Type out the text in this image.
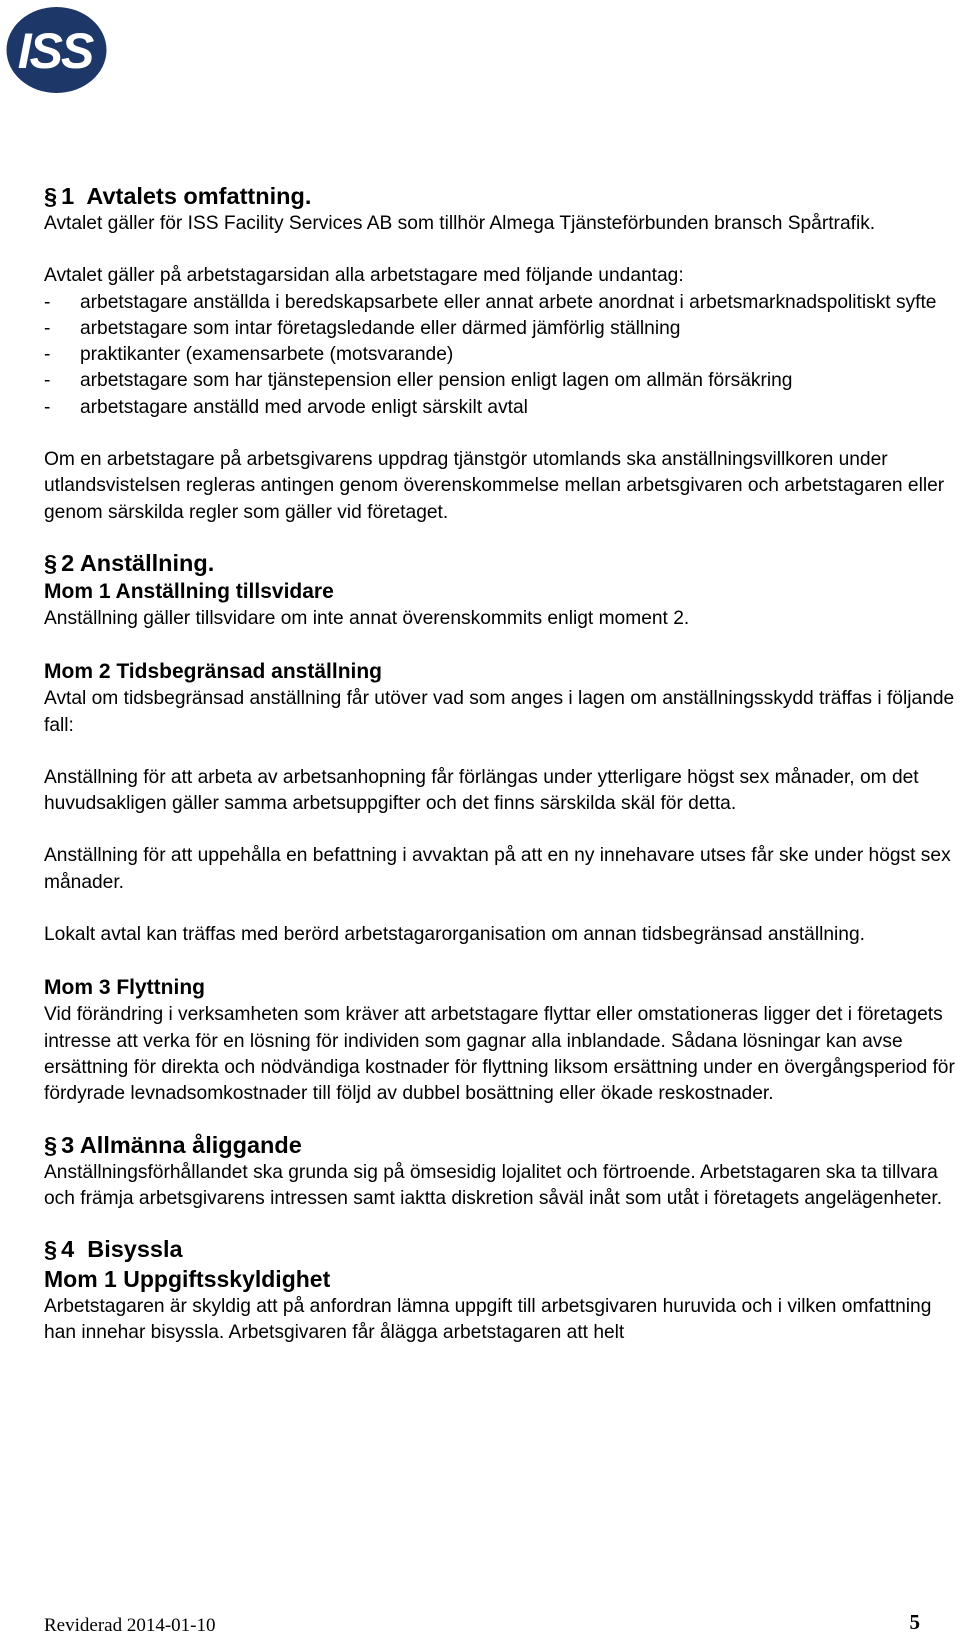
ISS
§ 1 Avtalets omfattning.

Avtalet gäller för ISS Facility Services AB som tillhör Almega Tjänsteförbunden bransch Spårtrafik.

Avtalet gäller på arbetstagarsidan alla arbetstagare med följande undantag:

- arbetstagare anställda i beredskapsarbete eller annat arbete anordnat i arbetsmarknadspolitiskt syfte
- arbetstagare som intar företagsledande eller därmed jämförlig ställning
- praktikanter (examensarbete (motsvarande)
- arbetstagare som har tjänstepension eller pension enligt lagen om allmän försäkring
- arbetstagare anställd med arvode enligt särskilt avtal

Om en arbetstagare på arbetsgivarens uppdrag tjänstgör utomlands ska anställningsvillkoren under utlandsvistelsen regleras antingen genom överenskommelse mellan arbetsgivaren och arbetstagaren eller genom särskilda regler som gäller vid företaget.

§ 2 Anställning.
Mom 1 Anställning tillsvidare

Anställning gäller tillsvidare om inte annat överenskommits enligt moment 2.

Mom 2 Tidsbegränsad anställning

Avtal om tidsbegränsad anställning får utöver vad som anges i lagen om anställningsskydd träffas i följande fall:

Anställning för att arbeta av arbetsanhopning får förlängas under ytterligare högst sex månader, om det huvudsakligen gäller samma arbetsuppgifter och det finns särskilda skäl för detta.

Anställning för att uppehålla en befattning i avvaktan på att en ny innehavare utses får ske under högst sex månader.

Lokalt avtal kan träffas med berörd arbetstagarorganisation om annan tidsbegränsad anställning.

Mom 3 Flyttning

Vid förändring i verksamheten som kräver att arbetstagare flyttar eller omstationeras ligger det i företagets intresse att verka för en lösning för individen som gagnar alla inblandade. Sådana lösningar kan avse ersättning för direkta och nödvändiga kostnader för flyttning liksom ersättning under en övergångsperiod för fördyrade levnadsomkostnader till följd av dubbel bosättning eller ökade reskostnader.

§ 3 Allmänna åliggande

Anställningsförhållandet ska grunda sig på ömsesidig lojalitet och förtroende. Arbetstagaren ska ta tillvara och främja arbetsgivarens intressen samt iaktta diskretion såväl inåt som utåt i företagets angelägenheter.

§ 4 Bisyssla
Mom 1 Uppgiftsskyldighet

Arbetstagaren är skyldig att på anfordran lämna uppgift till arbetsgivaren huruvida och i vilken omfattning han innehar bisyssla. Arbetsgivaren får ålägga arbetstagaren att helt

Reviderad 2014-01-10	5
